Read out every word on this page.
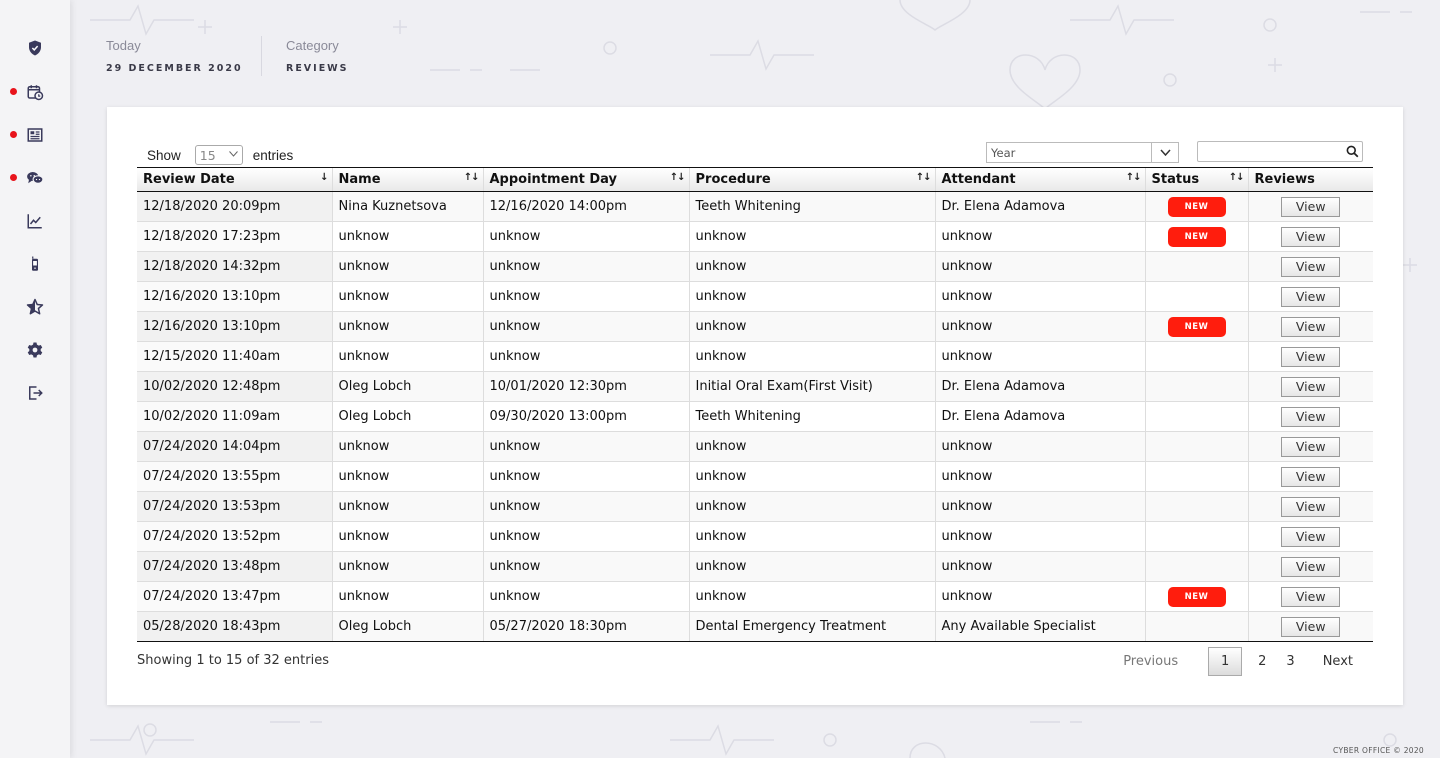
Today
29 DECEMBER 2020
Category
REVIEWS
Show 15	entries	Year
Review Date ↓	Name ↑↓	Appointment Day ↑↓	Procedure ↑↓	Attendant ↑↓	Status ↑↓	Reviews
12/18/2020 20:09pm	Nina Kuznetsova	12/16/2020 14:00pm	Teeth Whitening	Dr. Elena Adamova	NEW	View
12/18/2020 17:23pm	unknow	unknow	unknow	unknow	NEW	View
12/18/2020 14:32pm	unknow	unknow	unknow	unknow		View
12/16/2020 13:10pm	unknow	unknow	unknow	unknow		View
12/16/2020 13:10pm	unknow	unknow	unknow	unknow	NEW	View
12/15/2020 11:40am	unknow	unknow	unknow	unknow		View
10/02/2020 12:48pm	Oleg Lobch	10/01/2020 12:30pm	Initial Oral Exam(First Visit)	Dr. Elena Adamova		View
10/02/2020 11:09am	Oleg Lobch	09/30/2020 13:00pm	Teeth Whitening	Dr. Elena Adamova		View
07/24/2020 14:04pm	unknow	unknow	unknow	unknow		View
07/24/2020 13:55pm	unknow	unknow	unknow	unknow		View
07/24/2020 13:53pm	unknow	unknow	unknow	unknow		View
07/24/2020 13:52pm	unknow	unknow	unknow	unknow		View
07/24/2020 13:48pm	unknow	unknow	unknow	unknow		View
07/24/2020 13:47pm	unknow	unknow	unknow	unknow	NEW	View
05/28/2020 18:43pm	Oleg Lobch	05/27/2020 18:30pm	Dental Emergency Treatment	Any Available Specialist		View
Showing 1 to 15 of 32 entries	Previous	1	2	3	Next
CYBER OFFICE © 2020
